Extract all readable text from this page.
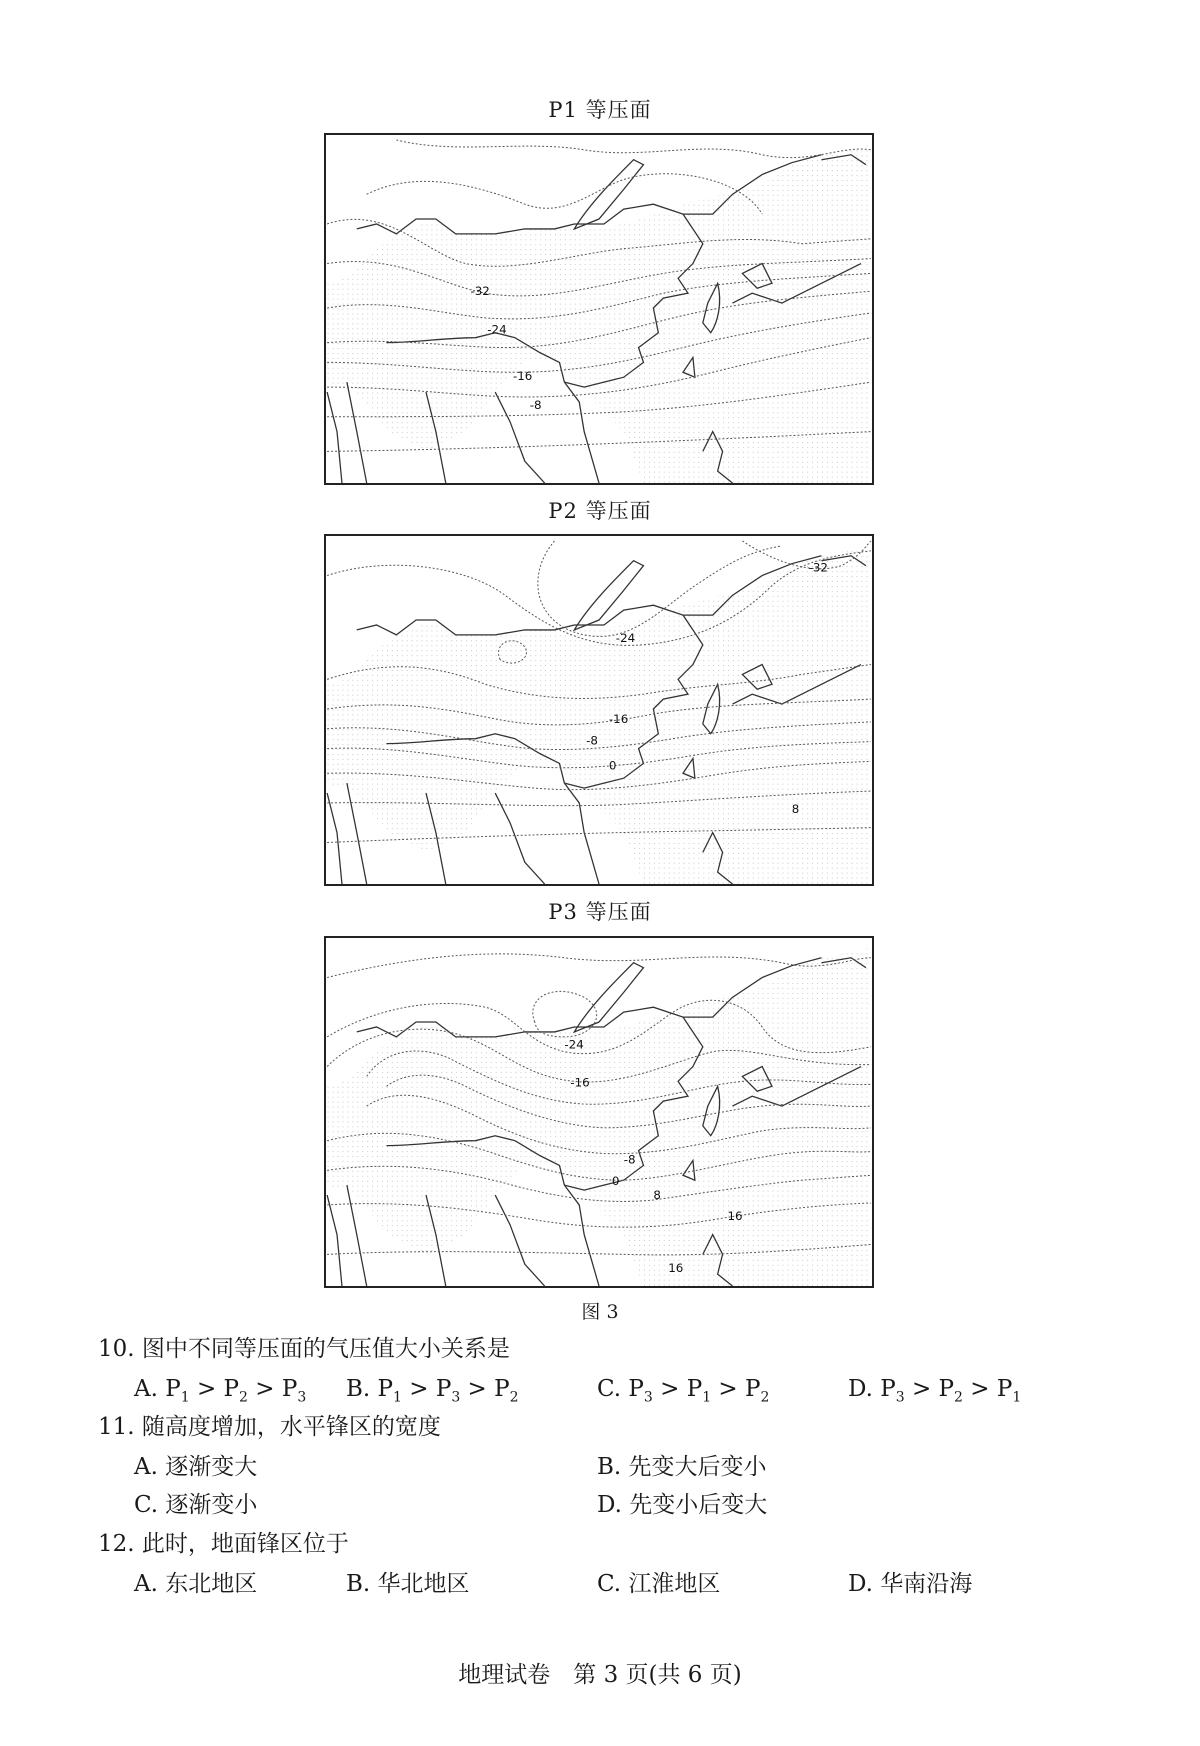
P1 等压面
-32
-24
-16
-8
P2 等压面
-32
-24
-16
-8
0
8
P3 等压面
-24
-16
-8
0
8
16
16
图 3
10. 图中不同等压面的气压值大小关系是
A. $P_1 > P_2 > P_3$ B. $P_1 > P_3 > P_2$	C. $P_3 > P_1 > P_2$	D. $P_3 > P_2 > P_1$
11. 随高度增加，水平锋区的宽度
A. 逐渐变大	B. 先变大后变小
C. 逐渐变小	D. 先变小后变大
12. 此时，地面锋区位于
A. 东北地区	B. 华北地区	C. 江淮地区	D. 华南沿海
地理试卷　第 3 页(共 6 页)
